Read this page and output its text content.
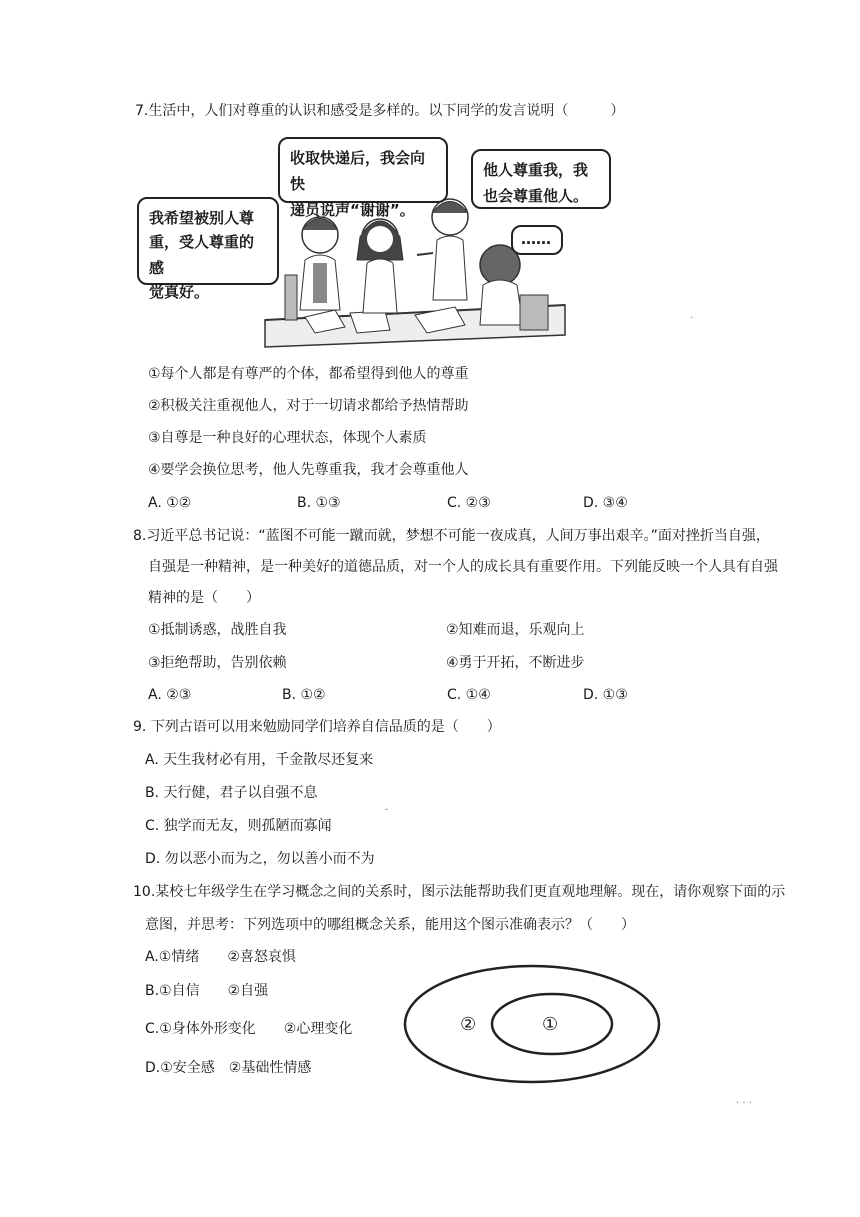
7.生活中，人们对尊重的认识和感受是多样的。以下同学的发言说明（　　　）
我希望被别人尊
重，受人尊重的感
觉真好。
收取快递后，我会向快
递员说声“谢谢”。
他人尊重我，我
也会尊重他人。
……
①每个人都是有尊严的个体，都希望得到他人的尊重
②积极关注重视他人，对于一切请求都给予热情帮助
③自尊是一种良好的心理状态，体现个人素质
④要学会换位思考，他人先尊重我，我才会尊重他人
A. ①②	B. ①③	C. ②③	D. ③④
8.习近平总书记说：“蓝图不可能一蹴而就，梦想不可能一夜成真，人间万事出艰辛。”面对挫折当自强，
自强是一种精神，是一种美好的道德品质，对一个人的成长具有重要作用。下列能反映一个人具有自强
精神的是（　　）
①抵制诱惑，战胜自我	②知难而退，乐观向上
③拒绝帮助，告别依赖	④勇于开拓，不断进步
A. ②③	B. ①②	C. ①④	D. ①③
9. 下列古语可以用来勉励同学们培养自信品质的是（　　）
A. 天生我材必有用，千金散尽还复来
B. 天行健，君子以自强不息
C. 独学而无友，则孤陋而寡闻
D. 勿以恶小而为之，勿以善小而不为
10.某校七年级学生在学习概念之间的关系时，图示法能帮助我们更直观地理解。现在，请你观察下面的示
意图，并思考：下列选项中的哪组概念关系，能用这个图示准确表示？（　　）
A.①情绪　　②喜怒哀惧
B.①自信　　②自强
C.①身体外形变化　　②心理变化
D.①安全感　②基础性情感
②	①
ˍ
· · ·
·
